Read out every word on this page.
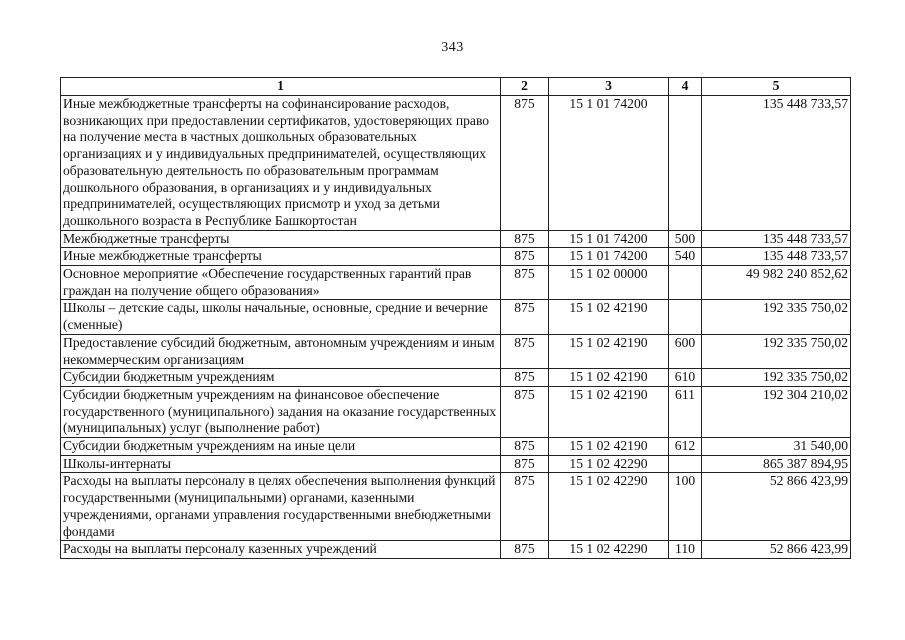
343
1	2	3	4	5
Иные межбюджетные трансферты на софинансирование расходов, возникающих при предоставлении сертификатов, удостоверяющих право на получение места в частных дошкольных образовательных организациях и у индивидуальных предпринимателей, осуществляющих образовательную деятельность по образовательным программам дошкольного образования, в организациях и у индивидуальных предпринимателей, осуществляющих присмотр и уход за детьми дошкольного возраста в Республике Башкортостан	875	15 1 01 74200		135 448 733,57
Межбюджетные трансферты	875	15 1 01 74200	500	135 448 733,57
Иные межбюджетные трансферты	875	15 1 01 74200	540	135 448 733,57
Основное мероприятие «Обеспечение государственных гарантий прав граждан на получение общего образования»	875	15 1 02 00000		49 982 240 852,62
Школы – детские сады, школы начальные, основные, средние и вечерние (сменные)	875	15 1 02 42190		192 335 750,02
Предоставление субсидий бюджетным, автономным учреждениям и иным некоммерческим организациям	875	15 1 02 42190	600	192 335 750,02
Субсидии бюджетным учреждениям	875	15 1 02 42190	610	192 335 750,02
Субсидии бюджетным учреждениям на финансовое обеспечение государственного (муниципального) задания на оказание государственных (муниципальных) услуг (выполнение работ)	875	15 1 02 42190	611	192 304 210,02
Субсидии бюджетным учреждениям на иные цели	875	15 1 02 42190	612	31 540,00
Школы-интернаты	875	15 1 02 42290		865 387 894,95
Расходы на выплаты персоналу в целях обеспечения выполнения функций государственными (муниципальными) органами, казенными учреждениями, органами управления государственными внебюджетными фондами	875	15 1 02 42290	100	52 866 423,99
Расходы на выплаты персоналу казенных учреждений	875	15 1 02 42290	110	52 866 423,99
